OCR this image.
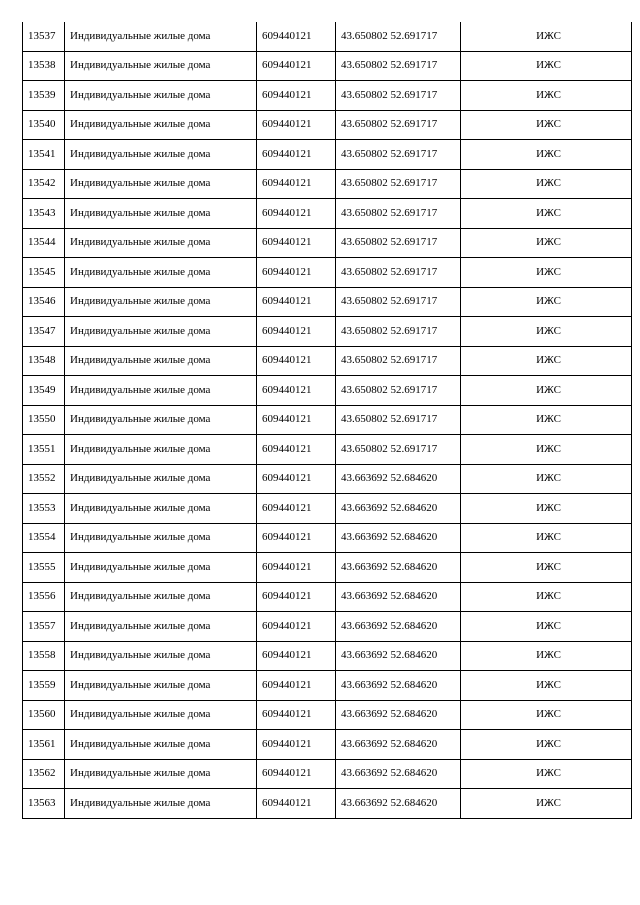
13537	Индивидуальные жилые дома	609440121	43.650802 52.691717	ИЖС
13538	Индивидуальные жилые дома	609440121	43.650802 52.691717	ИЖС
13539	Индивидуальные жилые дома	609440121	43.650802 52.691717	ИЖС
13540	Индивидуальные жилые дома	609440121	43.650802 52.691717	ИЖС
13541	Индивидуальные жилые дома	609440121	43.650802 52.691717	ИЖС
13542	Индивидуальные жилые дома	609440121	43.650802 52.691717	ИЖС
13543	Индивидуальные жилые дома	609440121	43.650802 52.691717	ИЖС
13544	Индивидуальные жилые дома	609440121	43.650802 52.691717	ИЖС
13545	Индивидуальные жилые дома	609440121	43.650802 52.691717	ИЖС
13546	Индивидуальные жилые дома	609440121	43.650802 52.691717	ИЖС
13547	Индивидуальные жилые дома	609440121	43.650802 52.691717	ИЖС
13548	Индивидуальные жилые дома	609440121	43.650802 52.691717	ИЖС
13549	Индивидуальные жилые дома	609440121	43.650802 52.691717	ИЖС
13550	Индивидуальные жилые дома	609440121	43.650802 52.691717	ИЖС
13551	Индивидуальные жилые дома	609440121	43.650802 52.691717	ИЖС
13552	Индивидуальные жилые дома	609440121	43.663692 52.684620	ИЖС
13553	Индивидуальные жилые дома	609440121	43.663692 52.684620	ИЖС
13554	Индивидуальные жилые дома	609440121	43.663692 52.684620	ИЖС
13555	Индивидуальные жилые дома	609440121	43.663692 52.684620	ИЖС
13556	Индивидуальные жилые дома	609440121	43.663692 52.684620	ИЖС
13557	Индивидуальные жилые дома	609440121	43.663692 52.684620	ИЖС
13558	Индивидуальные жилые дома	609440121	43.663692 52.684620	ИЖС
13559	Индивидуальные жилые дома	609440121	43.663692 52.684620	ИЖС
13560	Индивидуальные жилые дома	609440121	43.663692 52.684620	ИЖС
13561	Индивидуальные жилые дома	609440121	43.663692 52.684620	ИЖС
13562	Индивидуальные жилые дома	609440121	43.663692 52.684620	ИЖС
13563	Индивидуальные жилые дома	609440121	43.663692 52.684620	ИЖС
